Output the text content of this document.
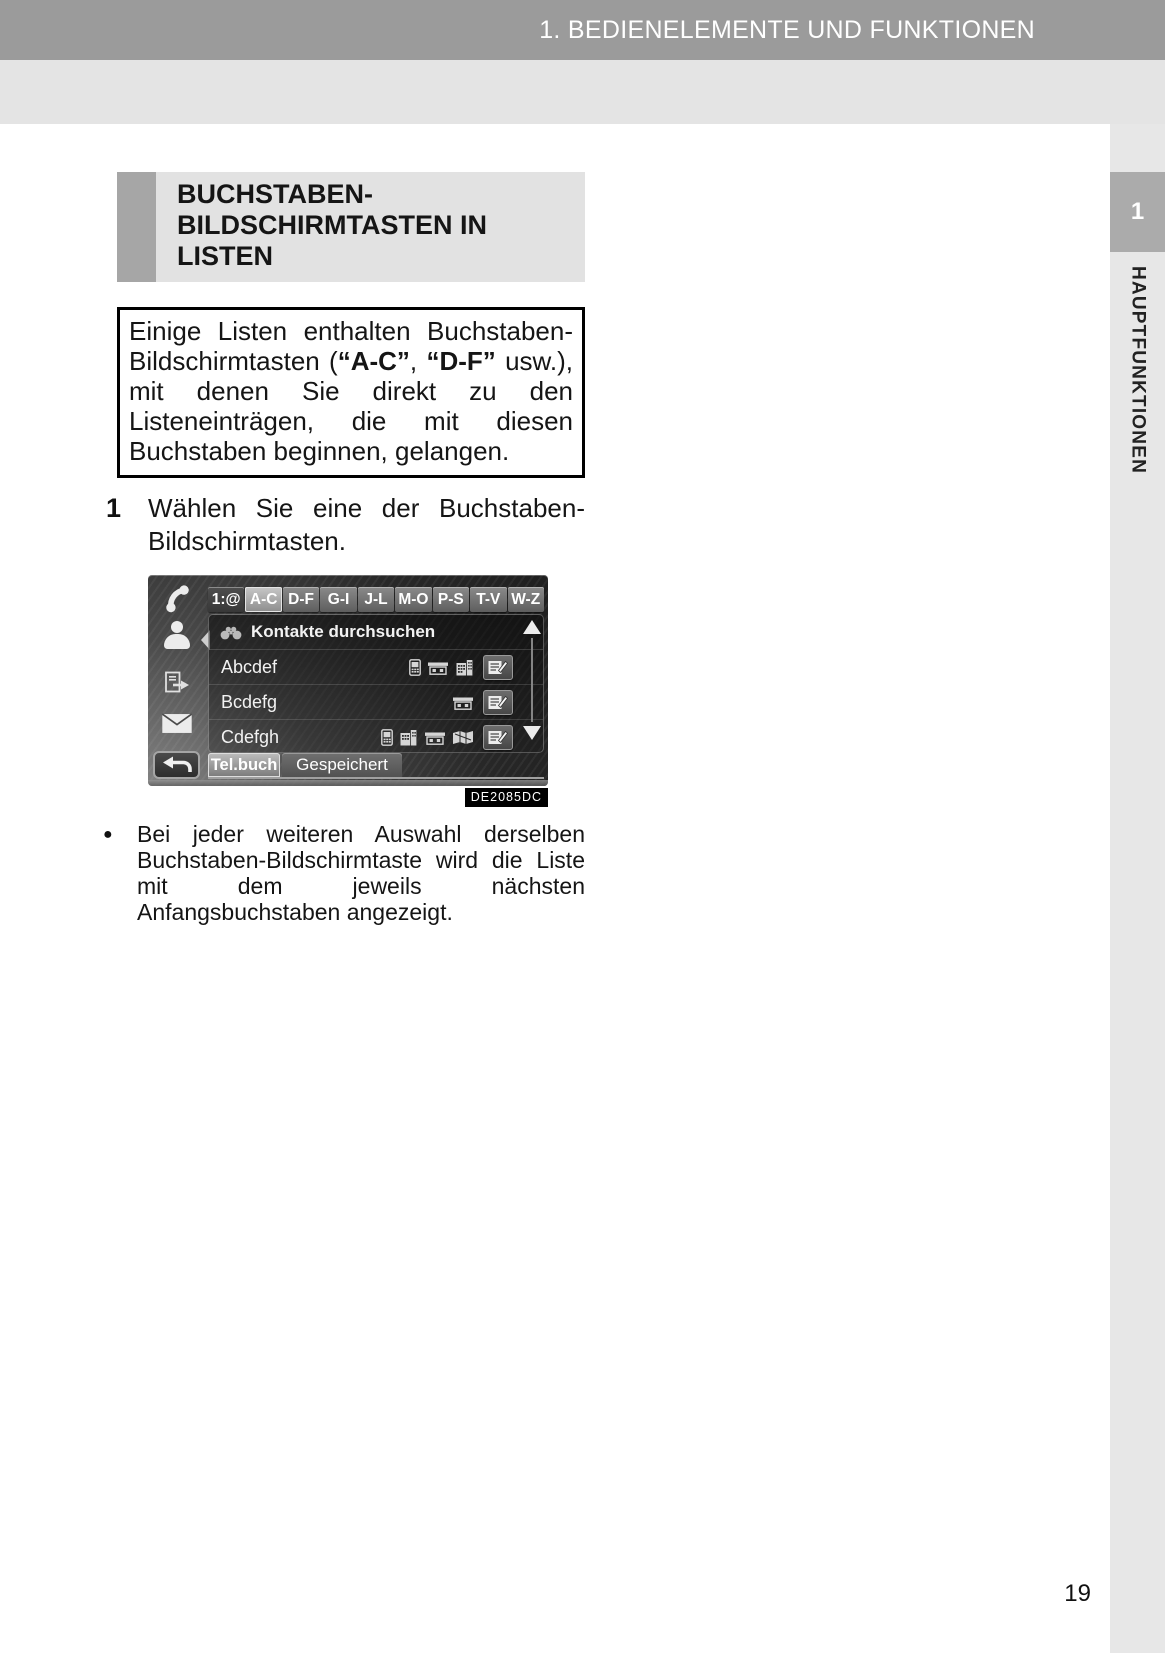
1. BEDIENELEMENTE UND FUNKTIONEN
1
HAUPTFUNKTIONEN
BUCHSTABEN-BILDSCHIRMTASTEN IN LISTEN
Einige Listen enthalten Buchstaben-Bildschirmtasten (“A-C”, “D-F” usw.), mit denen Sie direkt zu den Listeneinträgen, die mit diesen Buchstaben beginnen, gelangen.
1	Wählen Sie eine der Buchstaben-Bildschirmtasten.

1:@ A-C D-F G-I J-L M-O P-S T-V W-Z
Kontakte durchsuchen
Abcdef
Bcdefg
Cdefgh
Tel.buch	Gespeichert
DE2085DC
●	Bei jeder weiteren Auswahl derselben Buchstaben-Bildschirmtaste wird die Liste mit dem jeweils nächsten Anfangsbuchstaben angezeigt.

19
